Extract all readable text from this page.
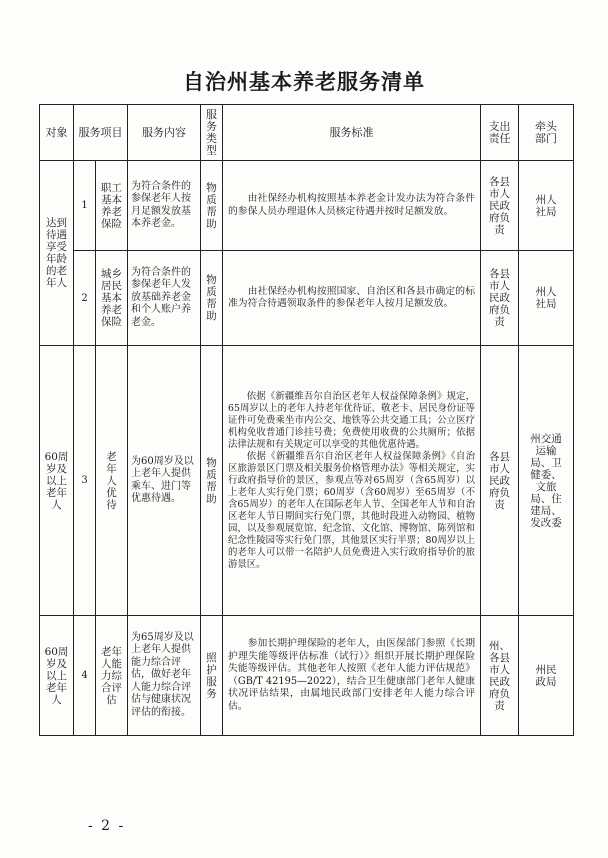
自治州基本养老服务清单
对象	服务项目		服务内容	服务类型	服务标准	支出责任	牵头部门

达到待遇享受年龄的老年人	1	职工基本养老保险	为符合条件的参保老年人按月足额发放基本养老金。	物质帮助	由社保经办机构按照基本养老金计发办法为符合条件的参保人员办理退休人员核定待遇并按时足额发放。	各县市人民政府负责	州人社局

	2	城乡居民基本养老保险	为符合条件的参保老年人发放基础养老金和个人账户养老金。	物质帮助	由社保经办机构按照国家、自治区和各县市确定的标准为符合待遇领取条件的参保老年人按月足额发放。	各县市人民政府负责	州人社局

60周岁及以上老年人	3	老年人优待	为60周岁及以上老年人提供乘车、进门等优惠待遇。	物质帮助	依据《新疆维吾尔自治区老年人权益保障条例》规定，65周岁以上的老年人持老年优待证、敬老卡、居民身份证等证件可免费乘坐市内公交、地铁等公共交通工具；公立医疗机构免收普通门诊挂号费；免费使用收费的公共厕所；依据法律法规和有关规定可以享受的其他优惠待遇。

依据《新疆维吾尔自治区老年人权益保障条例》《自治区旅游景区门票及相关服务价格管理办法》等相关规定，实行政府指导价的景区，参观点等对65周岁（含65周岁）以上老年人实行免门票；60周岁（含60周岁）至65周岁（不含65周岁）的老年人在国际老年人节、全国老年人节和自治区老年人节日期间实行免门票，其他时段进入动物园、植物园，以及参观展览馆、纪念馆、文化馆、博物馆、陈列馆和纪念性陵园等实行免门票，其他景区实行半票；80周岁以上的老年人可以带一名陪护人员免费进入实行政府指导价的旅游景区。	各县市人民政府负责	州交通运输局、卫健委、文旅局、住建局、发改委

60周岁及以上老年人	4	老年人能力综合评估	为65周岁及以上老年人提供能力综合评估，做好老年人能力综合评估与健康状况评估的衔接。	照护服务	参加长期护理保险的老年人，由医保部门参照《长期护理失能等级评估标准（试行）》组织开展长期护理保险失能等级评估。其他老年人按照《老年人能力评估规范》（GB/T 42195—2022），结合卫生健康部门老年人健康状况评估结果，由属地民政部门安排老年人能力综合评估。	州、各县市人民政府负责	州民政局
- 2 -
